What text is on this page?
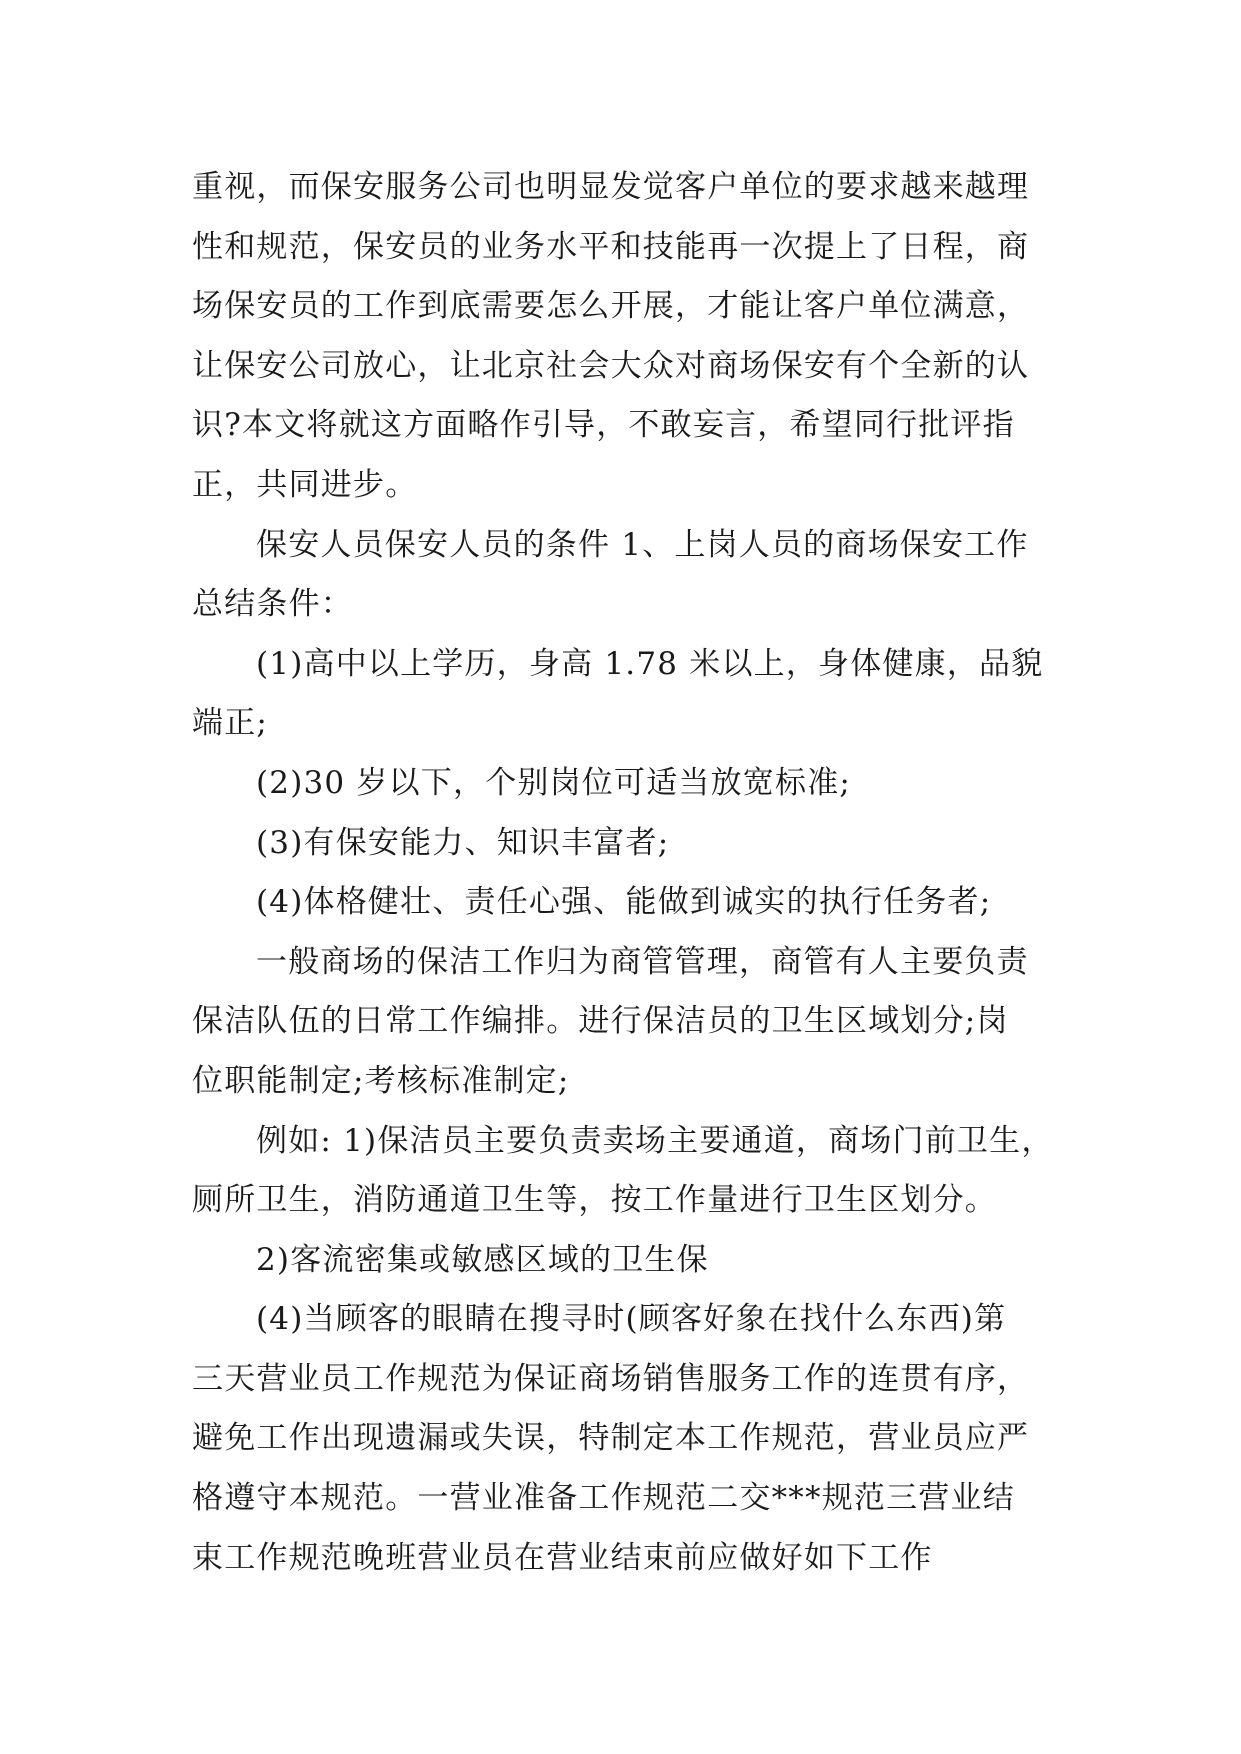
重视，而保安服务公司也明显发觉客户单位的要求越来越理
性和规范，保安员的业务水平和技能再一次提上了日程，商
场保安员的工作到底需要怎么开展，才能让客户单位满意，
让保安公司放心，让北京社会大众对商场保安有个全新的认
识?本文将就这方面略作引导，不敢妄言，希望同行批评指
正，共同进步。
保安人员保安人员的条件 1、上岗人员的商场保安工作
总结条件：
(1)高中以上学历，身高 1.78 米以上，身体健康，品貌
端正;
(2)30 岁以下，个别岗位可适当放宽标准;
(3)有保安能力、知识丰富者;
(4)体格健壮、责任心强、能做到诚实的执行任务者;
一般商场的保洁工作归为商管管理，商管有人主要负责
保洁队伍的日常工作编排。进行保洁员的卫生区域划分;岗
位职能制定;考核标准制定;
例如: 1)保洁员主要负责卖场主要通道，商场门前卫生，
厕所卫生，消防通道卫生等，按工作量进行卫生区划分。
2)客流密集或敏感区域的卫生保
(4)当顾客的眼睛在搜寻时(顾客好象在找什么东西)第
三天营业员工作规范为保证商场销售服务工作的连贯有序，
避免工作出现遗漏或失误，特制定本工作规范，营业员应严
格遵守本规范。一营业准备工作规范二交***规范三营业结
束工作规范晚班营业员在营业结束前应做好如下工作
